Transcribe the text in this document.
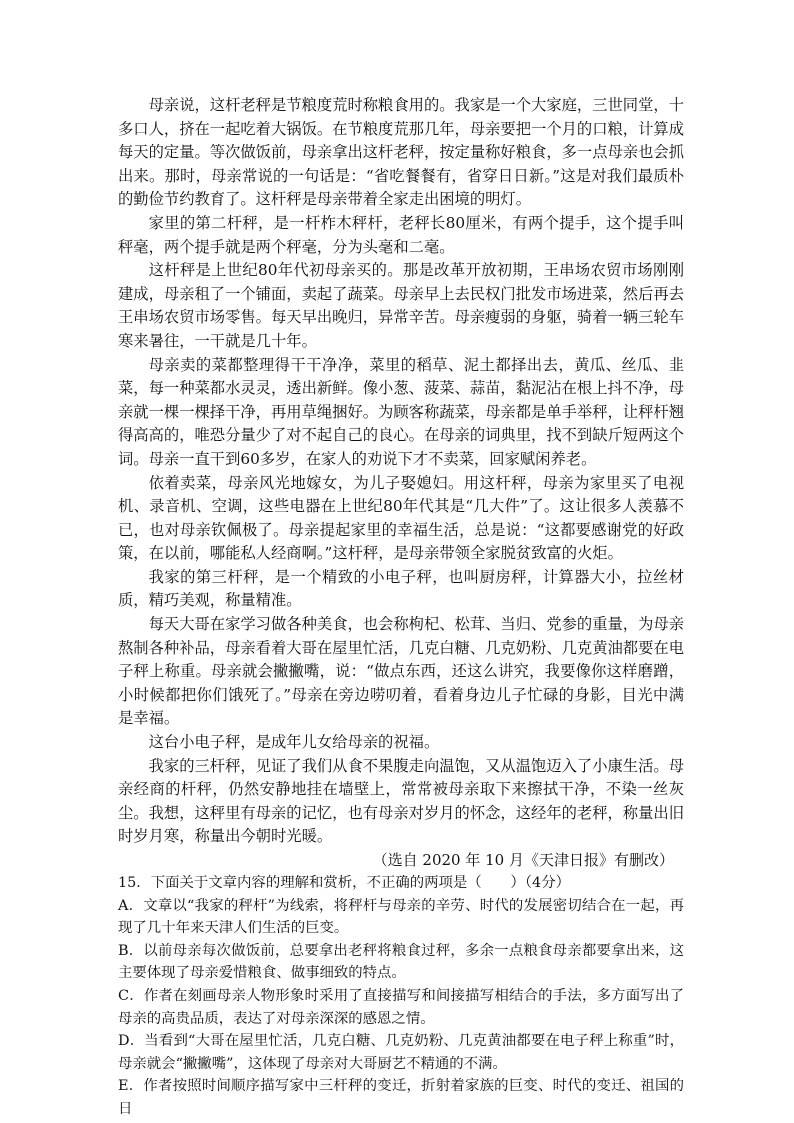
母亲说，这杆老秤是节粮度荒时称粮食用的。我家是一个大家庭，三世同堂，十多口人，挤在一起吃着大锅饭。在节粮度荒那几年，母亲要把一个月的口粮，计算成每天的定量。等次做饭前，母亲拿出这杆老秤，按定量称好粮食，多一点母亲也会抓出来。那时，母亲常说的一句话是：“省吃餐餐有，省穿日日新。”这是对我们最质朴的勤俭节约教育了。这杆秤是母亲带着全家走出困境的明灯。

家里的第二杆秤，是一杆柞木秤杆，老秤长80厘米，有两个提手，这个提手叫秤毫，两个提手就是两个秤毫，分为头毫和二毫。

这杆秤是上世纪80年代初母亲买的。那是改革开放初期，王串场农贸市场刚刚建成，母亲租了一个铺面，卖起了蔬菜。母亲早上去民权门批发市场进菜，然后再去王串场农贸市场零售。每天早出晚归，异常辛苦。母亲瘦弱的身躯，骑着一辆三轮车寒来暑往，一干就是几十年。

母亲卖的菜都整理得干干净净，菜里的稻草、泥土都择出去，黄瓜、丝瓜、韭菜，每一种菜都水灵灵，透出新鲜。像小葱、菠菜、蒜苗，黏泥沾在根上抖不净，母亲就一棵一棵择干净，再用草绳捆好。为顾客称蔬菜，母亲都是单手举秤，让秤杆翘得高高的，唯恐分量少了对不起自己的良心。在母亲的词典里，找不到缺斤短两这个词。母亲一直干到60多岁，在家人的劝说下才不卖菜，回家赋闲养老。

依着卖菜，母亲风光地嫁女，为儿子娶媳妇。用这杆秤，母亲为家里买了电视机、录音机、空调，这些电器在上世纪80年代其是“几大件”了。这让很多人羡慕不已，也对母亲钦佩极了。母亲提起家里的幸福生活，总是说：“这都要感谢党的好政策，在以前，哪能私人经商啊。”这杆秤，是母亲带领全家脱贫致富的火炬。

我家的第三杆秤，是一个精致的小电子秤，也叫厨房秤，计算器大小，拉丝材质，精巧美观，称量精准。

每天大哥在家学习做各种美食，也会称枸杞、松茸、当归、党参的重量，为母亲熬制各种补品，母亲看着大哥在屋里忙活，几克白糖、几克奶粉、几克黄油都要在电子秤上称重。母亲就会撇撇嘴，说：“做点东西，还这么讲究，我要像你这样磨蹭，小时候都把你们饿死了。”母亲在旁边唠叨着，看着身边儿子忙碌的身影，目光中满是幸福。

这台小电子秤，是成年儿女给母亲的祝福。

我家的三杆秤，见证了我们从食不果腹走向温饱，又从温饱迈入了小康生活。母亲经商的杆秤，仍然安静地挂在墙壁上，常常被母亲取下来擦拭干净，不染一丝灰尘。我想，这秤里有母亲的记忆，也有母亲对岁月的怀念，这经年的老秤，称量出旧时岁月寒，称量出今朝时光暖。

（选自 2020 年 10 月《天津日报》有删改）

15．下面关于文章内容的理解和赏析，不正确的两项是（　　）（4分）

A．文章以“我家的秤杆”为线索，将秤杆与母亲的辛劳、时代的发展密切结合在一起，再现了几十年来天津人们生活的巨变。

B．以前母亲每次做饭前，总要拿出老秤将粮食过秤，多余一点粮食母亲都要拿出来，这主要体现了母亲爱惜粮食、做事细致的特点。

C．作者在刻画母亲人物形象时采用了直接描写和间接描写相结合的手法，多方面写出了母亲的高贵品质，表达了对母亲深深的感恩之情。

D．当看到“大哥在屋里忙活，几克白糖、几克奶粉、几克黄油都要在电子秤上称重”时，母亲就会“撇撇嘴”，这体现了母亲对大哥厨艺不精通的不满。

E．作者按照时间顺序描写家中三杆秤的变迁，折射着家族的巨变、时代的变迁、祖国的日
